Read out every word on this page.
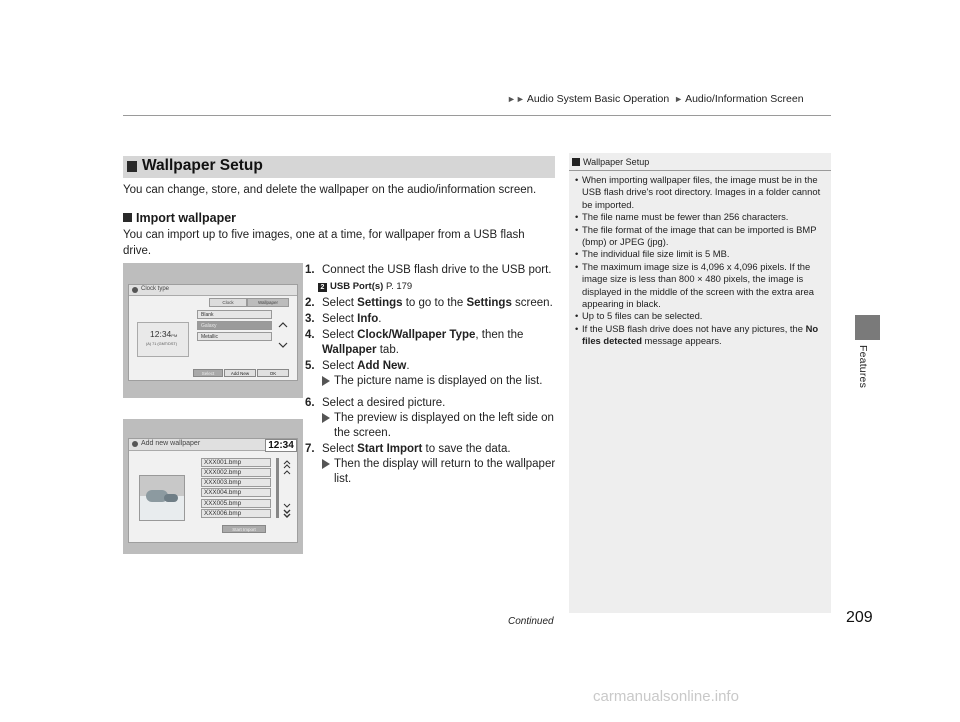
►► Audio System Basic Operation ► Audio/Information Screen
Features
Wallpaper Setup
You can change, store, and delete the wallpaper on the audio/information screen.
Import wallpaper
You can import up to five images, one at a time, for wallpaper from a USB flash drive.
Clock type
Clock	Wallpaper
12:34PM
(A) 71 (GMT/DST)
Blank
Galaxy
Metallic
Select	Add New	OK
Add new wallpaper	12:34
XXX001.bmp
XXX002.bmp
XXX003.bmp
XXX004.bmp
XXX005.bmp
XXX006.bmp
Start Import
1. Connect the USB flash drive to the USB port.
2 USB Port(s) P. 179
2. Select Settings to go to the Settings screen.
3. Select Info.
4. Select Clock/Wallpaper Type, then the Wallpaper tab.
5. Select Add New.
The picture name is displayed on the list.
6. Select a desired picture.
The preview is displayed on the left side on the screen.
7. Select Start Import to save the data.
Then the display will return to the wallpaper list.
Wallpaper Setup
• When importing wallpaper files, the image must be in the USB flash drive's root directory. Images in a folder cannot be imported.
• The file name must be fewer than 256 characters.
• The file format of the image that can be imported is BMP (bmp) or JPEG (jpg).
• The individual file size limit is 5 MB.
• The maximum image size is 4,096 x 4,096 pixels. If the image size is less than 800 × 480 pixels, the image is displayed in the middle of the screen with the extra area appearing in black.
• Up to 5 files can be selected.
• If the USB flash drive does not have any pictures, the No files detected message appears.
Continued	209
carmanualsonline.info
